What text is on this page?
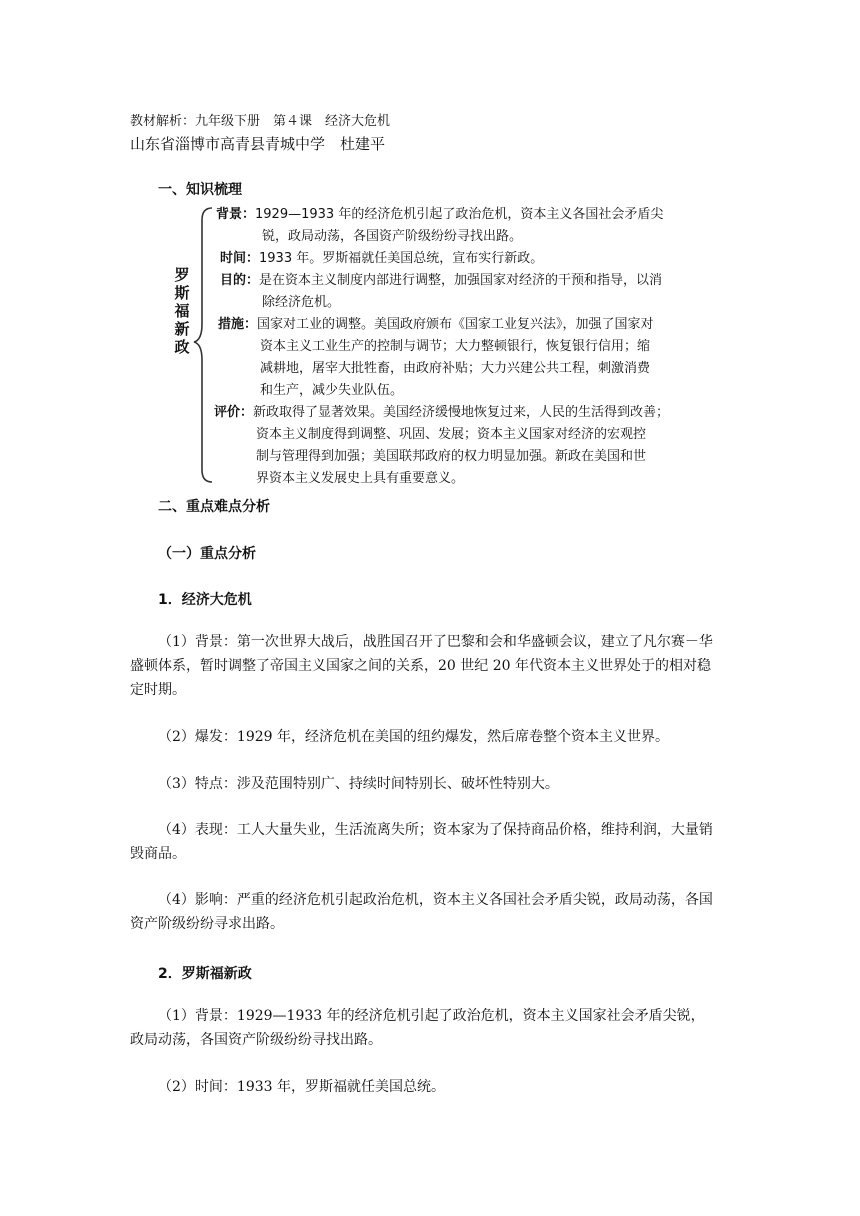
教材解析：九年级下册　第４课　经济大危机
山东省淄博市高青县青城中学　杜建平
一、知识梳理
罗斯福新政
背景：1929—1933 年的经济危机引起了政治危机，资本主义各国社会矛盾尖
锐，政局动荡，各国资产阶级纷纷寻找出路。
时间：1933 年。罗斯福就任美国总统，宣布实行新政。
目的：是在资本主义制度内部进行调整，加强国家对经济的干预和指导，以消
除经济危机。
措施：国家对工业的调整。美国政府颁布《国家工业复兴法》，加强了国家对
资本主义工业生产的控制与调节；大力整顿银行，恢复银行信用；缩
减耕地，屠宰大批牲畜，由政府补贴；大力兴建公共工程，刺激消费
和生产，减少失业队伍。
评价：新政取得了显著效果。美国经济缓慢地恢复过来，人民的生活得到改善；
资本主义制度得到调整、巩固、发展；资本主义国家对经济的宏观控
制与管理得到加强；美国联邦政府的权力明显加强。新政在美国和世
界资本主义发展史上具有重要意义。
二、重点难点分析
（一）重点分析
1．经济大危机

（1）背景：第一次世界大战后，战胜国召开了巴黎和会和华盛顿会议，建立了凡尔赛－华盛顿体系，暂时调整了帝国主义国家之间的关系，20 世纪 20 年代资本主义世界处于的相对稳定时期。

（2）爆发：1929 年，经济危机在美国的纽约爆发，然后席卷整个资本主义世界。

（3）特点：涉及范围特别广、持续时间特别长、破坏性特别大。

（4）表现：工人大量失业，生活流离失所；资本家为了保持商品价格，维持利润，大量销毁商品。

（4）影响：严重的经济危机引起政治危机，资本主义各国社会矛盾尖锐，政局动荡，各国资产阶级纷纷寻求出路。

2．罗斯福新政

（1）背景：1929—1933 年的经济危机引起了政治危机，资本主义国家社会矛盾尖锐，政局动荡，各国资产阶级纷纷寻找出路。

（2）时间：1933 年，罗斯福就任美国总统。
